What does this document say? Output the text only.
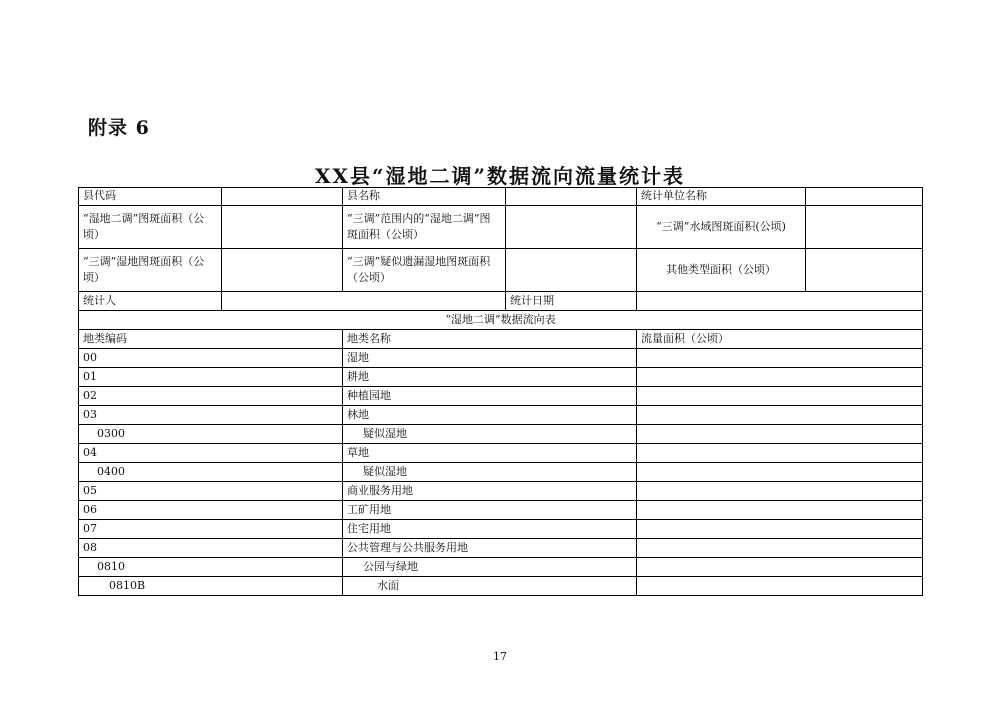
附录 6
XX县“湿地二调”数据流向流量统计表
县代码		县名称		统计单位名称	
“湿地二调”图斑面积（公顷）		“三调”范围内的“湿地二调”图斑面积（公顷）		“三调”水域图斑面积(公顷)	
“三调”湿地图斑面积（公顷）		“三调”疑似遗漏湿地图斑面积（公顷）		其他类型面积（公顷）	
统计人			统计日期		
“湿地二调”数据流向表					
地类编码		地类名称		流量面积（公顷）	
00		湿地			
01		耕地			
02		种植园地			
03		林地			
0300		疑似湿地			
04		草地			
0400		疑似湿地			
05		商业服务用地			
06		工矿用地			
07		住宅用地			
08		公共管理与公共服务用地			
0810		公园与绿地			
0810B		水面			
17
